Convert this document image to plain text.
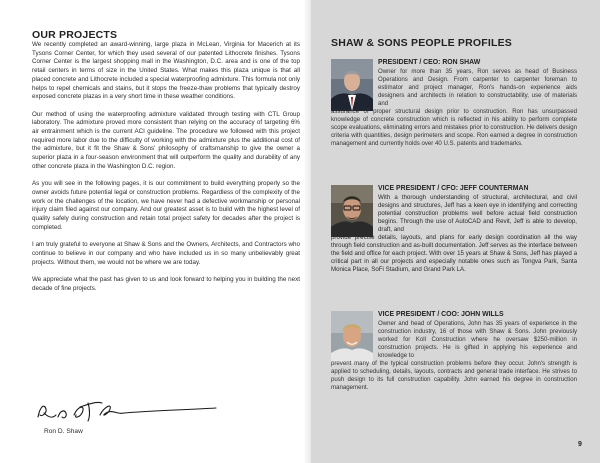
OUR PROJECTS

We recently completed an award-winning, large plaza in McLean, Virginia for Macerich at its Tysons Corner Center, for which they used several of our patented Lithocrete finishes. Tysons Corner Center is the largest shopping mall in the Washington, D.C. area and is one of the top retail centers in terms of size in the United States. What makes this plaza unique is that all placed concrete and Lithocrete included a special waterproofing admixture. This formula not only helps to repel chemicals and stains, but it stops the freeze-thaw problems that typically destroy exposed concrete plazas in a very short time in these weather conditions.

Our method of using the waterproofing admixture validated through testing with CTL Group laboratory. The admixture proved more consistent than relying on the accuracy of targeting 6% air entrainment which is the current ACI guideline. The procedure we followed with this project required more labor due to the difficulty of working with the admixture plus the additional cost of the admixture, but it fit the Shaw & Sons' philosophy of craftsmanship to give the owner a superior plaza in a four-season environment that will outperform the quality and durability of any other concrete plaza in the Washington D.C. region.

As you will see in the following pages, it is our commitment to build everything properly so the owner avoids future potential legal or construction problems. Regardless of the complexity of the work or the challenges of the location, we have never had a defective workmanship or personal injury claim filed against our company. And our greatest asset is to build with the highest level of quality safely during construction and retain total project safety for decades after the project is completed.

I am truly grateful to everyone at Shaw & Sons and the Owners, Architects, and Contractors who continue to believe in our company and who have included us in so many unbelievably great projects. Without them, we would not be where we are today.

We appreciate what the past has given to us and look forward to helping you in building the next decade of fine projects.

Ron D. Shaw
SHAW & SONS PEOPLE PROFILES
PRESIDENT / CEO: RON SHAW
Owner for more than 35 years, Ron serves as head of Business Operations and Design. From carpenter to carpenter foreman to estimator and project manager, Ron's hands-on experience aids designers and architects in relation to constructability, use of materials and
assurance of proper structural design prior to construction. Ron has unsurpassed knowledge of concrete construction which is reflected in his ability to perform complete scope evaluations, eliminating errors and mistakes prior to construction. He delivers design criteria with quantities, design perimeters and scope. Ron earned a degree in construction management and currently holds over 40 U.S. patents and trademarks.
VICE PRESIDENT / CFO: JEFF COUNTERMAN
With a thorough understanding of structural, architectural, and civil designs and structures, Jeff has a keen eye in identifying and correcting potential construction problems well before actual field construction begins. Through the use of AutoCAD and Revit, Jeff is able to develop, draft, and
provide precise details, layouts, and plans for early design coordination all the way through field construction and as-built documentation. Jeff serves as the interface between the field and office for each project. With over 15 years at Shaw & Sons, Jeff has played a critical part in all our projects and especially notable ones such as Tongva Park, Santa Monica Place, SoFi Stadium, and Grand Park LA.
VICE PRESIDENT / COO: JOHN WILLS
Owner and head of Operations, John has 35 years of experience in the construction industry, 16 of those with Shaw & Sons. John previously worked for Koll Construction where he oversaw $250-million in construction projects. He is gifted in applying his experience and knowledge to
prevent many of the typical construction problems before they occur. John's strength is applied to scheduling, details, layouts, contracts and general trade interface. He strives to push design to its full construction capability. John earned his degree in construction management.
9
